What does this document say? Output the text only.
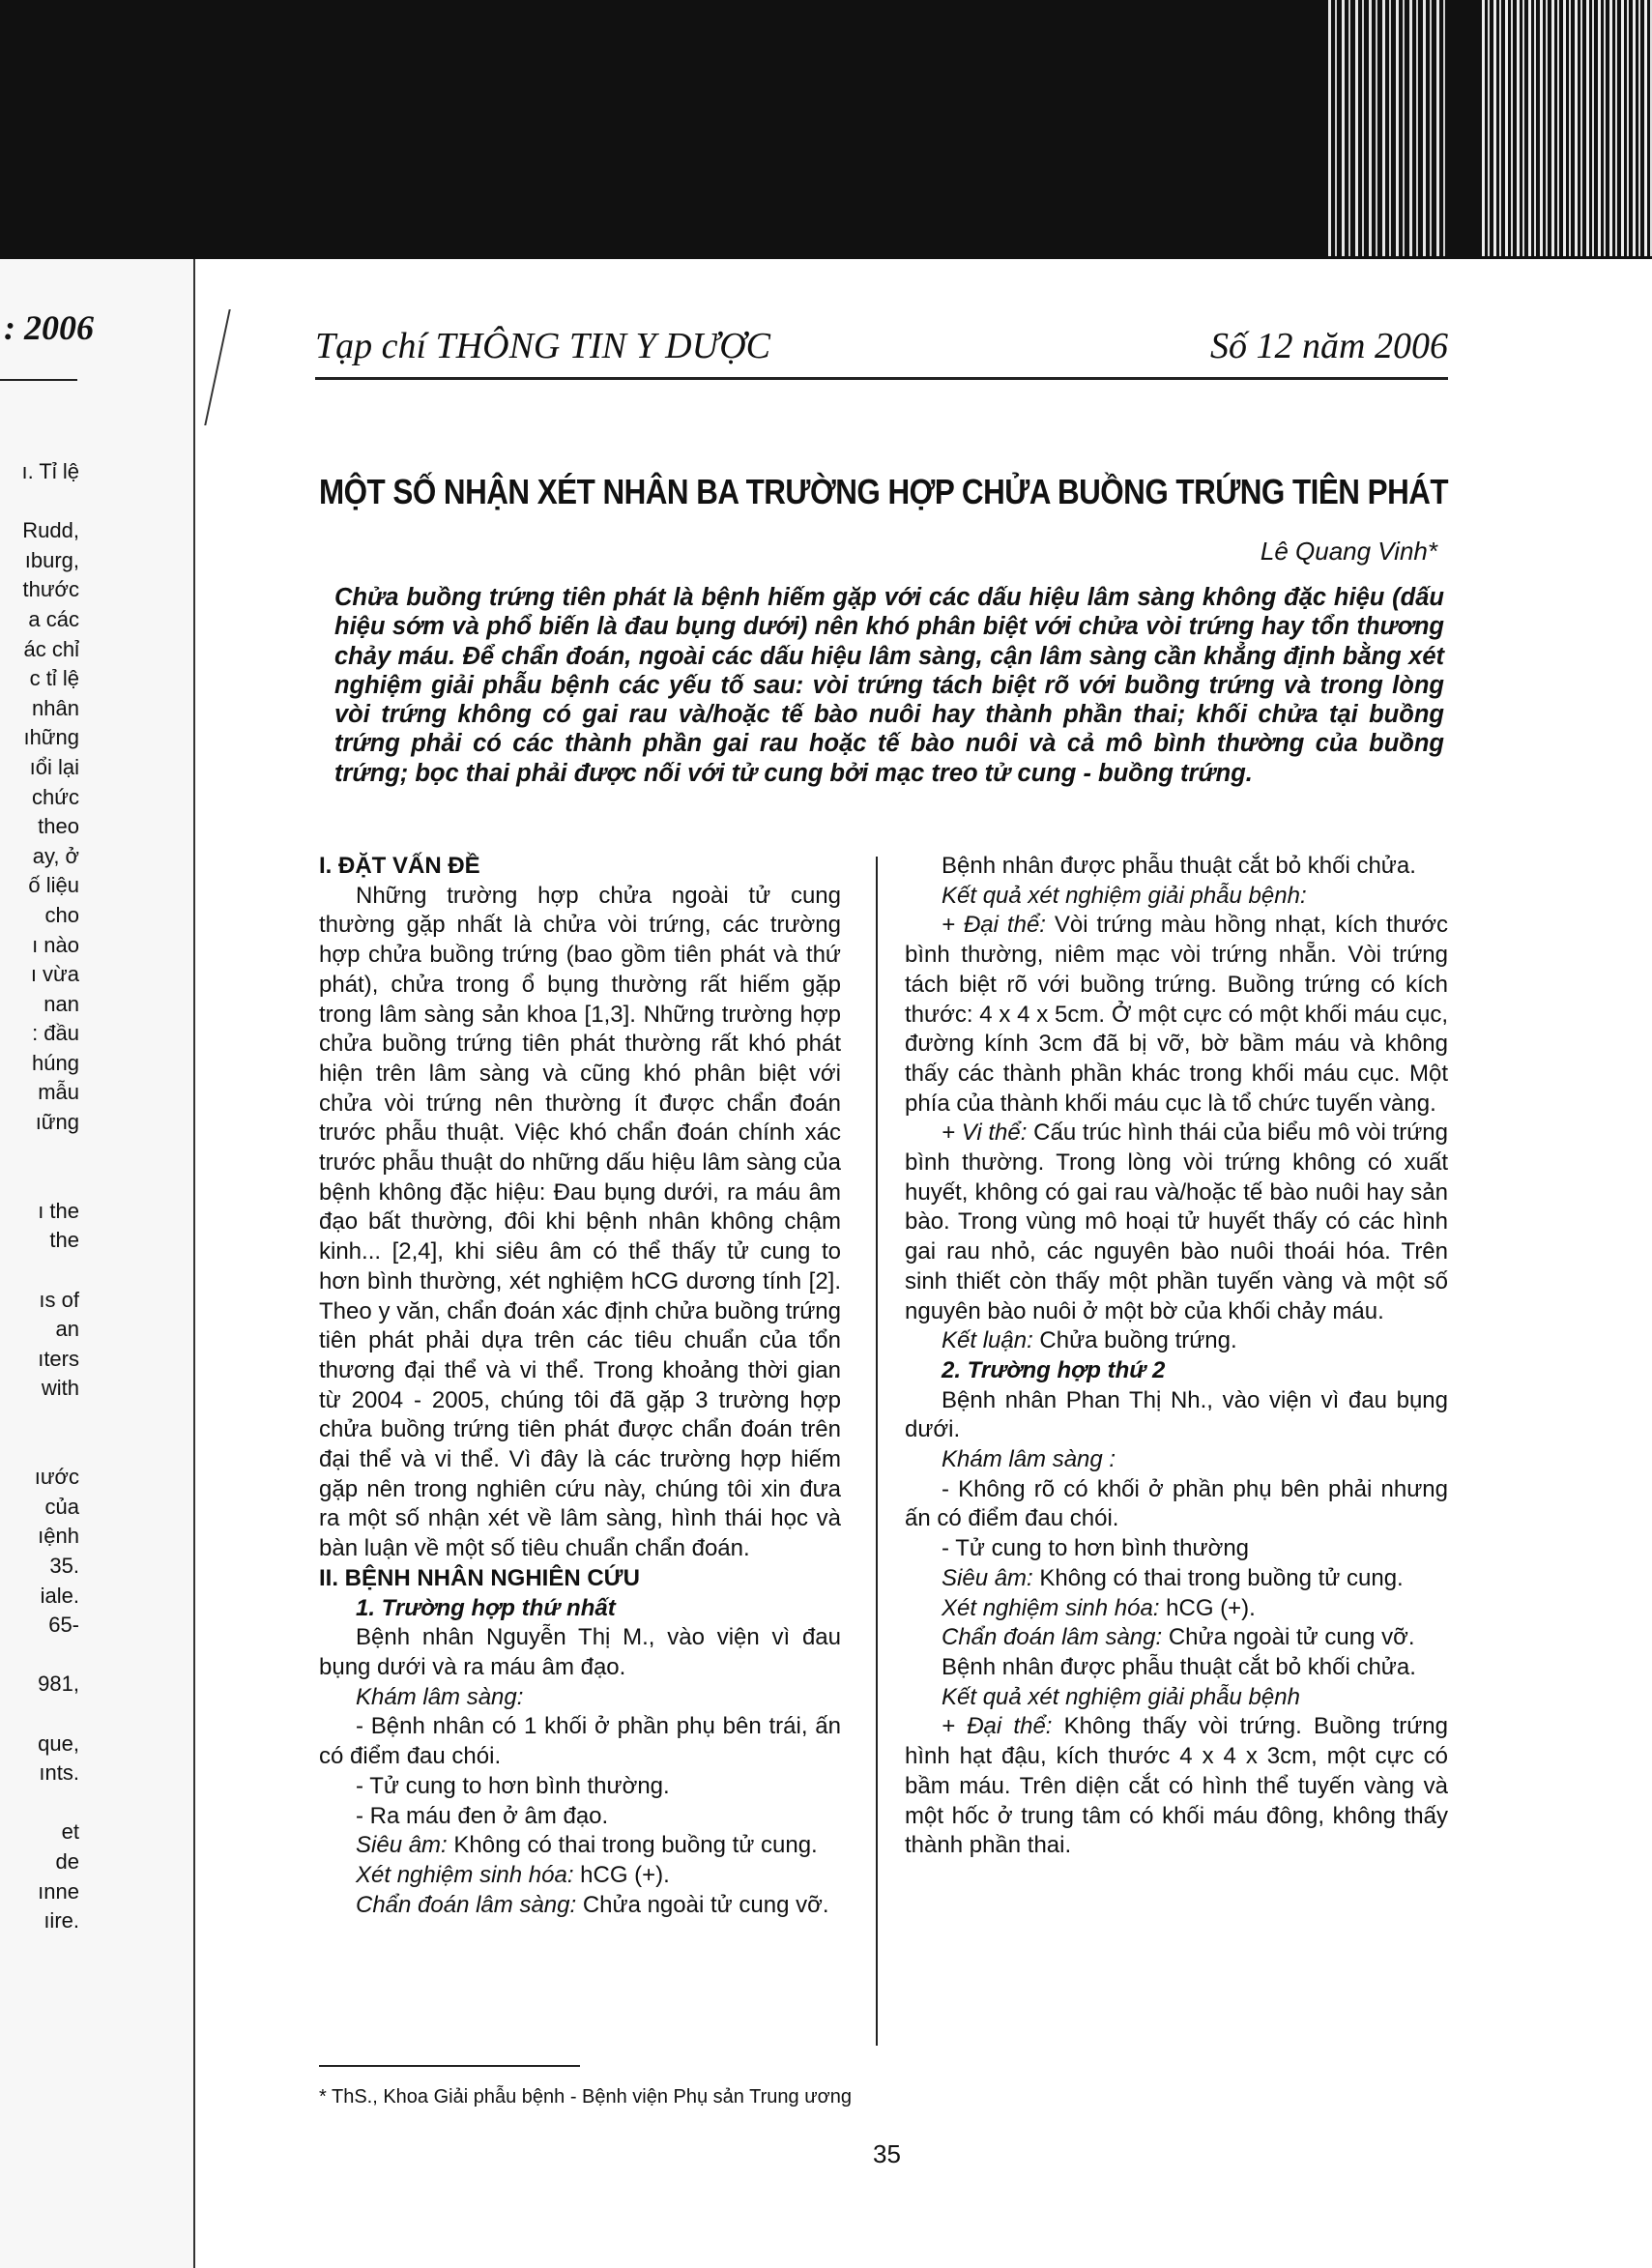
: 2006
ı. Tỉ lệ

Rudd,
ıburg,
thước
a các
ác chỉ
c tỉ lệ
nhân
ıhững
ıổi lại
chức
theo
ay, ở
ố liệu
cho
ı nào
ı vừa
nan
: đầu
húng
mẫu
ıững

ı the
the

ıs of
an
ıters
with

ıước
của
ıệnh
35.
iale.
65-

981,

que,
ınts.

et
de
ınne
ıire.
Tạp chí THÔNG TIN Y DƯỢC	Số 12 năm 2006
MỘT SỐ NHẬN XÉT NHÂN BA TRƯỜNG HỢP CHỬA BUỒNG TRỨNG TIÊN PHÁT
Lê Quang Vinh*
Chửa buồng trứng tiên phát là bệnh hiếm gặp với các dấu hiệu lâm sàng không đặc hiệu (dấu hiệu sớm và phổ biến là đau bụng dưới) nên khó phân biệt với chửa vòi trứng hay tổn thương chảy máu. Để chẩn đoán, ngoài các dấu hiệu lâm sàng, cận lâm sàng cần khẳng định bằng xét nghiệm giải phẫu bệnh các yếu tố sau: vòi trứng tách biệt rõ với buồng trứng và trong lòng vòi trứng không có gai rau và/hoặc tế bào nuôi hay thành phần thai; khối chửa tại buồng trứng phải có các thành phần gai rau hoặc tế bào nuôi và cả mô bình thường của buồng trứng; bọc thai phải được nối với tử cung bởi mạc treo tử cung - buồng trứng.

I. ĐẶT VẤN ĐỀ

Những trường hợp chửa ngoài tử cung thường gặp nhất là chửa vòi trứng, các trường hợp chửa buồng trứng (bao gồm tiên phát và thứ phát), chửa trong ổ bụng thường rất hiếm gặp trong lâm sàng sản khoa [1,3]. Những trường hợp chửa buồng trứng tiên phát thường rất khó phát hiện trên lâm sàng và cũng khó phân biệt với chửa vòi trứng nên thường ít được chẩn đoán trước phẫu thuật. Việc khó chẩn đoán chính xác trước phẫu thuật do những dấu hiệu lâm sàng của bệnh không đặc hiệu: Đau bụng dưới, ra máu âm đạo bất thường, đôi khi bệnh nhân không chậm kinh... [2,4], khi siêu âm có thể thấy tử cung to hơn bình thường, xét nghiệm hCG dương tính [2]. Theo y văn, chẩn đoán xác định chửa buồng trứng tiên phát phải dựa trên các tiêu chuẩn của tổn thương đại thể và vi thể. Trong khoảng thời gian từ 2004 - 2005, chúng tôi đã gặp 3 trường hợp chửa buồng trứng tiên phát được chẩn đoán trên đại thể và vi thể. Vì đây là các trường hợp hiếm gặp nên trong nghiên cứu này, chúng tôi xin đưa ra một số nhận xét về lâm sàng, hình thái học và bàn luận về một số tiêu chuẩn chẩn đoán.

II. BỆNH NHÂN NGHIÊN CỨU

1. Trường hợp thứ nhất

Bệnh nhân Nguyễn Thị M., vào viện vì đau bụng dưới và ra máu âm đạo.

Khám lâm sàng:

- Bệnh nhân có 1 khối ở phần phụ bên trái, ấn có điểm đau chói.

- Tử cung to hơn bình thường.

- Ra máu đen ở âm đạo.

Siêu âm: Không có thai trong buồng tử cung.

Xét nghiệm sinh hóa: hCG (+).

Chẩn đoán lâm sàng: Chửa ngoài tử cung vỡ.

Bệnh nhân được phẫu thuật cắt bỏ khối chửa.

Kết quả xét nghiệm giải phẫu bệnh:

+ Đại thể: Vòi trứng màu hồng nhạt, kích thước bình thường, niêm mạc vòi trứng nhẵn. Vòi trứng tách biệt rõ với buồng trứng. Buồng trứng có kích thước: 4 x 4 x 5cm. Ở một cực có một khối máu cục, đường kính 3cm đã bị vỡ, bờ bầm máu và không thấy các thành phần khác trong khối máu cục. Một phía của thành khối máu cục là tổ chức tuyến vàng.

+ Vi thể: Cấu trúc hình thái của biểu mô vòi trứng bình thường. Trong lòng vòi trứng không có xuất huyết, không có gai rau và/hoặc tế bào nuôi hay sản bào. Trong vùng mô hoại tử huyết thấy có các hình gai rau nhỏ, các nguyên bào nuôi thoái hóa. Trên sinh thiết còn thấy một phần tuyến vàng và một số nguyên bào nuôi ở một bờ của khối chảy máu.

Kết luận: Chửa buồng trứng.

2. Trường hợp thứ 2

Bệnh nhân Phan Thị Nh., vào viện vì đau bụng dưới.

Khám lâm sàng :

- Không rõ có khối ở phần phụ bên phải nhưng ấn có điểm đau chói.

- Tử cung to hơn bình thường

Siêu âm: Không có thai trong buồng tử cung.

Xét nghiệm sinh hóa: hCG (+).

Chẩn đoán lâm sàng: Chửa ngoài tử cung vỡ.

Bệnh nhân được phẫu thuật cắt bỏ khối chửa.

Kết quả xét nghiệm giải phẫu bệnh

+ Đại thể: Không thấy vòi trứng. Buồng trứng hình hạt đậu, kích thước 4 x 4 x 3cm, một cực có bầm máu. Trên diện cắt có hình thể tuyến vàng và một hốc ở trung tâm có khối máu đông, không thấy thành phần thai.

* ThS., Khoa Giải phẫu bệnh - Bệnh viện Phụ sản Trung ương
35
